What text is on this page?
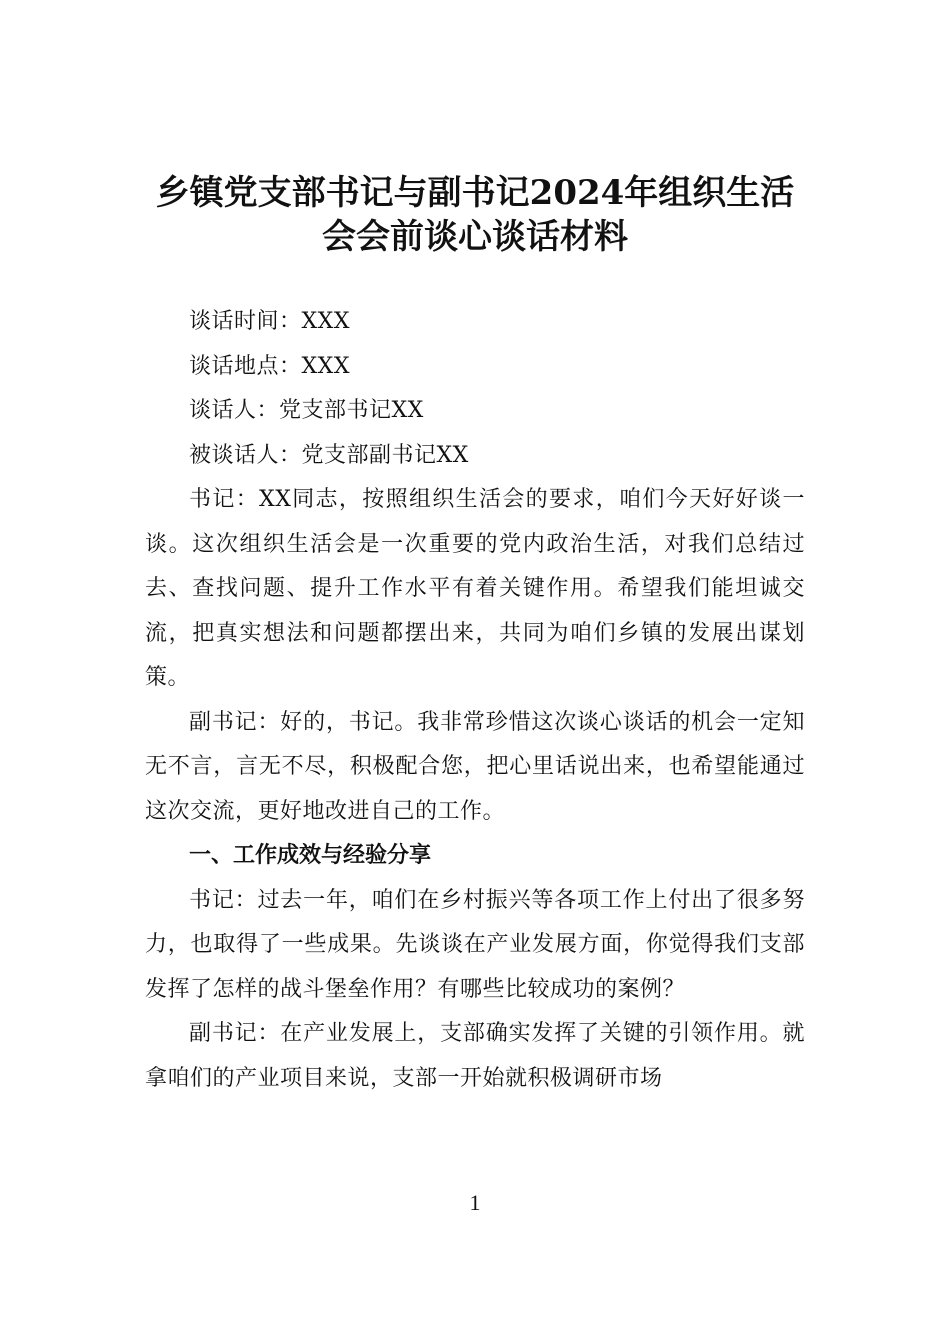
乡镇党支部书记与副书记2024年组织生活
会会前谈心谈话材料

谈话时间：XXX

谈话地点：XXX

谈话人：党支部书记XX

被谈话人：党支部副书记XX

书记：XX同志，按照组织生活会的要求，咱们今天好好谈一谈。这次组织生活会是一次重要的党内政治生活，对我们总结过去、查找问题、提升工作水平有着关键作用。希望我们能坦诚交流，把真实想法和问题都摆出来，共同为咱们乡镇的发展出谋划策。

副书记：好的，书记。我非常珍惜这次谈心谈话的机会一定知无不言，言无不尽，积极配合您，把心里话说出来，也希望能通过这次交流，更好地改进自己的工作。

一、工作成效与经验分享

书记：过去一年，咱们在乡村振兴等各项工作上付出了很多努力，也取得了一些成果。先谈谈在产业发展方面，你觉得我们支部发挥了怎样的战斗堡垒作用？有哪些比较成功的案例？

副书记：在产业发展上，支部确实发挥了关键的引领作用。就拿咱们的产业项目来说，支部一开始就积极调研市场

1
